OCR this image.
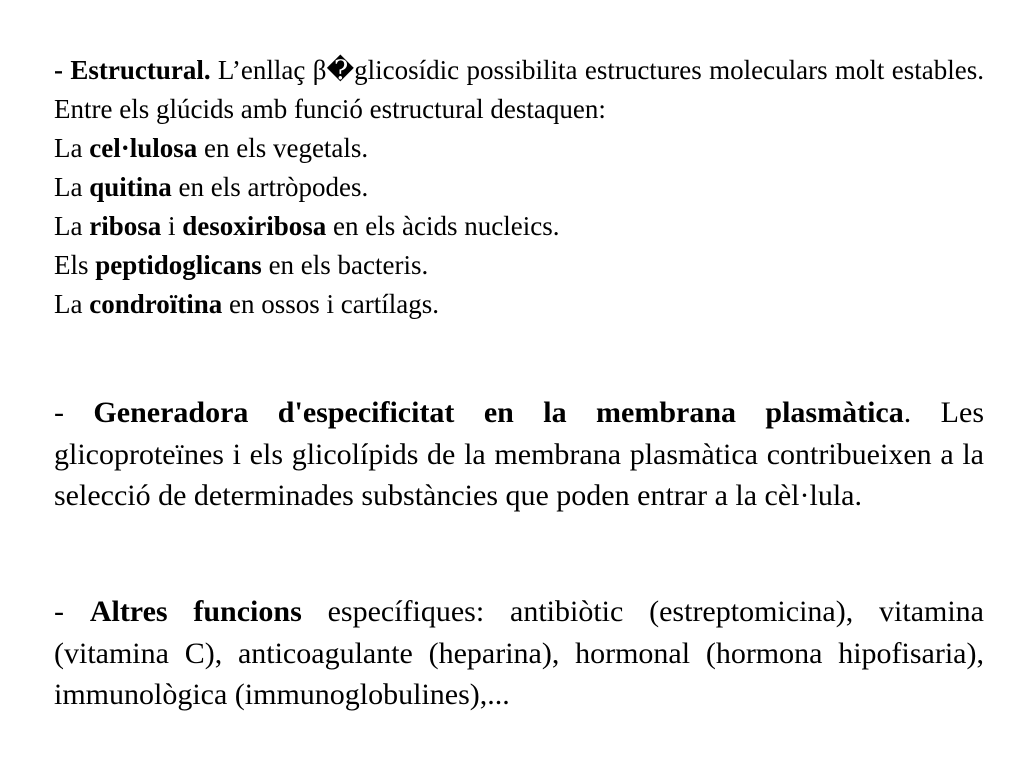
- Estructural. L’enllaç β�glicosídic possibilita estructures moleculars molt estables. Entre els glúcids amb funció estructural destaquen:
La cel·lulosa en els vegetals.
La quitina en els artròpodes.
La ribosa i desoxiribosa en els àcids nucleics.
Els peptidoglicans en els bacteris.
La condroïtina en ossos i cartílags.

- Generadora d'especificitat en la membrana plasmàtica. Les glicoproteïnes i els glicolípids de la membrana plasmàtica contribueixen a la selecció de determinades substàncies que poden entrar a la cèl·lula.

- Altres funcions específiques: antibiòtic (estreptomicina), vitamina (vitamina C), anticoagulante (heparina), hormonal (hormona hipofisaria), immunològica (immunoglobulines),...
